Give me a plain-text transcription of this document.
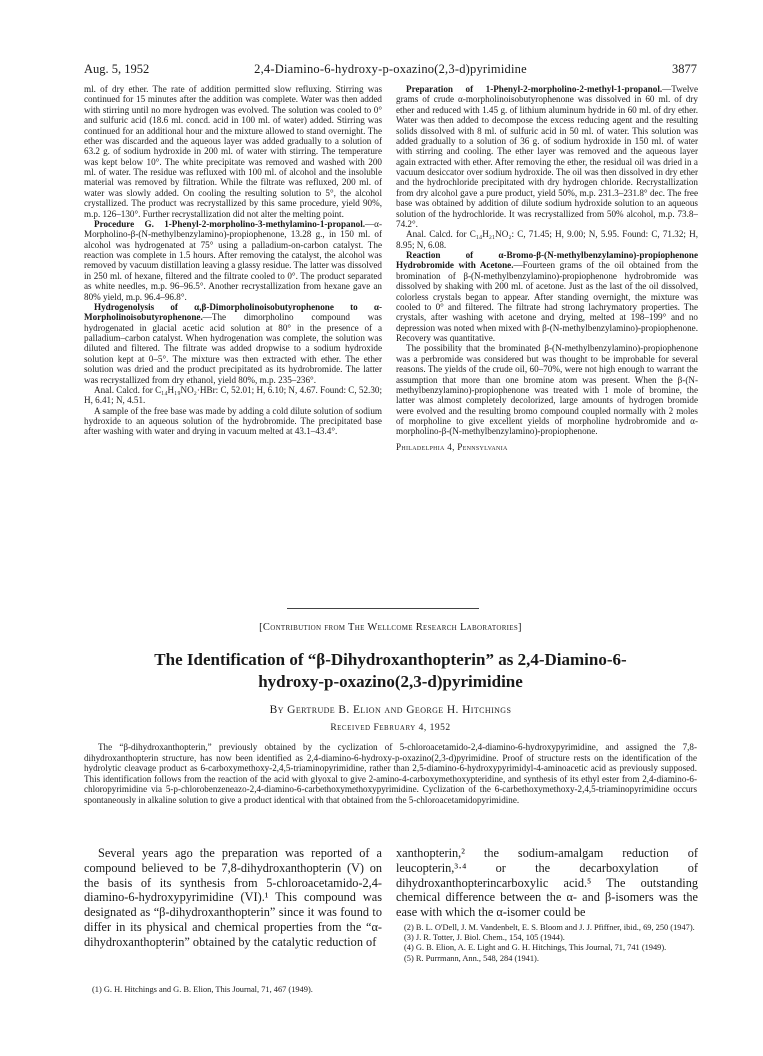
Aug. 5, 1952	2,4-Diamino-6-hydroxy-p-oxazino(2,3-d)pyrimidine	3877

ml. of dry ether. The rate of addition permitted slow refluxing. Stirring was continued for 15 minutes after the addition was complete. Water was then added with stirring until no more hydrogen was evolved. The solution was cooled to 0° and sulfuric acid (18.6 ml. concd. acid in 100 ml. of water) added. Stirring was continued for an additional hour and the mixture allowed to stand overnight. The ether was discarded and the aqueous layer was added gradually to a solution of 63.2 g. of sodium hydroxide in 200 ml. of water with stirring. The temperature was kept below 10°. The white precipitate was removed and washed with 200 ml. of water. The residue was refluxed with 100 ml. of alcohol and the insoluble material was removed by filtration. While the filtrate was refluxed, 200 ml. of water was slowly added. On cooling the resulting solution to 5°, the alcohol crystallized. The product was recrystallized by this same procedure, yield 90%, m.p. 126–130°. Further recrystallization did not alter the melting point.

Procedure G. 1-Phenyl-2-morpholino-3-methylamino-1-propanol.—α-Morpholino-β-(N-methylbenzylamino)-propiophenone, 13.28 g., in 150 ml. of alcohol was hydrogenated at 75° using a palladium-on-carbon catalyst. The reaction was complete in 1.5 hours. After removing the catalyst, the alcohol was removed by vacuum distillation leaving a glassy residue. The latter was dissolved in 250 ml. of hexane, filtered and the filtrate cooled to 0°. The product separated as white needles, m.p. 96–96.5°. Another recrystallization from hexane gave an 80% yield, m.p. 96.4–96.8°.

Hydrogenolysis of α,β-Dimorpholinoisobutyrophenone to α-Morpholinoisobutyrophenone.—The dimorpholino compound was hydrogenated in glacial acetic acid solution at 80° in the presence of a palladium–carbon catalyst. When hydrogenation was complete, the solution was diluted and filtered. The filtrate was added dropwise to a sodium hydroxide solution kept at 0–5°. The mixture was then extracted with ether. The ether solution was dried and the product precipitated as its hydrobromide. The latter was recrystallized from dry ethanol, yield 80%, m.p. 235–236°.

Anal. Calcd. for C₁₄H₁₉NO₂·HBr: C, 52.01; H, 6.10; N, 4.67. Found: C, 52.30; H, 6.41; N, 4.51.

A sample of the free base was made by adding a cold dilute solution of sodium hydroxide to an aqueous solution of the hydrobromide. The precipitated base after washing with water and drying in vacuum melted at 43.1–43.4°.

Preparation of 1-Phenyl-2-morpholino-2-methyl-1-propanol.—Twelve grams of crude α-morpholinoisobutyrophenone was dissolved in 60 ml. of dry ether and reduced with 1.45 g. of lithium aluminum hydride in 60 ml. of dry ether. Water was then added to decompose the excess reducing agent and the resulting solids dissolved with 8 ml. of sulfuric acid in 50 ml. of water. This solution was added gradually to a solution of 36 g. of sodium hydroxide in 150 ml. of water with stirring and cooling. The ether layer was removed and the aqueous layer again extracted with ether. After removing the ether, the residual oil was dried in a vacuum desiccator over sodium hydroxide. The oil was then dissolved in dry ether and the hydrochloride precipitated with dry hydrogen chloride. Recrystallization from dry alcohol gave a pure product, yield 50%, m.p. 231.3–231.8° dec. The free base was obtained by addition of dilute sodium hydroxide solution to an aqueous solution of the hydrochloride. It was recrystallized from 50% alcohol, m.p. 73.8–74.2°.

Anal. Calcd. for C₁₄H₂₁NO₂: C, 71.45; H, 9.00; N, 5.95. Found: C, 71.32; H, 8.95; N, 6.08.

Reaction of α-Bromo-β-(N-methylbenzylamino)-propiophenone Hydrobromide with Acetone.—Fourteen grams of the oil obtained from the bromination of β-(N-methylbenzylamino)-propiophenone hydrobromide was dissolved by shaking with 200 ml. of acetone. Just as the last of the oil dissolved, colorless crystals began to appear. After standing overnight, the mixture was cooled to 0° and filtered. The filtrate had strong lachrymatory properties. The crystals, after washing with acetone and drying, melted at 198–199° and no depression was noted when mixed with β-(N-methylbenzylamino)-propiophenone. Recovery was quantitative.

The possibility that the brominated β-(N-methylbenzylamino)-propiophenone was a perbromide was considered but was thought to be improbable for several reasons. The yields of the crude oil, 60–70%, were not high enough to warrant the assumption that more than one bromine atom was present. When the β-(N-methylbenzylamino)-propiophenone was treated with 1 mole of bromine, the latter was almost completely decolorized, large amounts of hydrogen bromide were evolved and the resulting bromo compound coupled normally with 2 moles of morpholine to give excellent yields of morpholine hydrobromide and α-morpholino-β-(N-methylbenzylamino)-propiophenone.

Philadelphia 4, Pennsylvania

[Contribution from The Wellcome Research Laboratories]
The Identification of “β-Dihydroxanthopterin” as 2,4-Diamino-6-
hydroxy-p-oxazino(2,3-d)pyrimidine
By Gertrude B. Elion and George H. Hitchings
Received February 4, 1952

The “β-dihydroxanthopterin,” previously obtained by the cyclization of 5-chloroacetamido-2,4-diamino-6-hydroxypyrimidine, and assigned the 7,8-dihydroxanthopterin structure, has now been identified as 2,4-diamino-6-hydroxy-p-oxazino(2,3-d)pyrimidine. Proof of structure rests on the identification of the hydrolytic cleavage product as 6-carboxymethoxy-2,4,5-triaminopyrimidine, rather than 2,5-diamino-6-hydroxypyrimidyl-4-aminoacetic acid as previously supposed. This identification follows from the reaction of the acid with glyoxal to give 2-amino-4-carboxymethoxypteridine, and synthesis of its ethyl ester from 2,4-diamino-6-chloropyrimidine via 5-p-chlorobenzeneazo-2,4-diamino-6-carbethoxymethoxypyrimidine. Cyclization of the 6-carbethoxymethoxy-2,4,5-triaminopyrimidine occurs spontaneously in alkaline solution to give a product identical with that obtained from the 5-chloroacetamidopyrimidine.

Several years ago the preparation was reported of a compound believed to be 7,8-dihydroxanthopterin (V) on the basis of its synthesis from 5-chloroacetamido-2,4-diamino-6-hydroxypyrimidine (VI).¹ This compound was designated as “β-dihydroxanthopterin” since it was found to differ in its physical and chemical properties from the “α-dihydroxanthopterin” obtained by the catalytic reduction of

xanthopterin,² the sodium-amalgam reduction of leucopterin,³·⁴ or the decarboxylation of dihydroxanthopterincarboxylic acid.⁵ The outstanding chemical difference between the α- and β-isomers was the ease with which the α-isomer could be

(2) B. L. O'Dell, J. M. Vandenbelt, E. S. Bloom and J. J. Pfiffner, ibid., 69, 250 (1947).
(3) J. R. Totter, J. Biol. Chem., 154, 105 (1944).
(4) G. B. Elion, A. E. Light and G. H. Hitchings, This Journal, 71, 741 (1949).
(5) R. Purrmann, Ann., 548, 284 (1941).
(1) G. H. Hitchings and G. B. Elion, This Journal, 71, 467 (1949).
